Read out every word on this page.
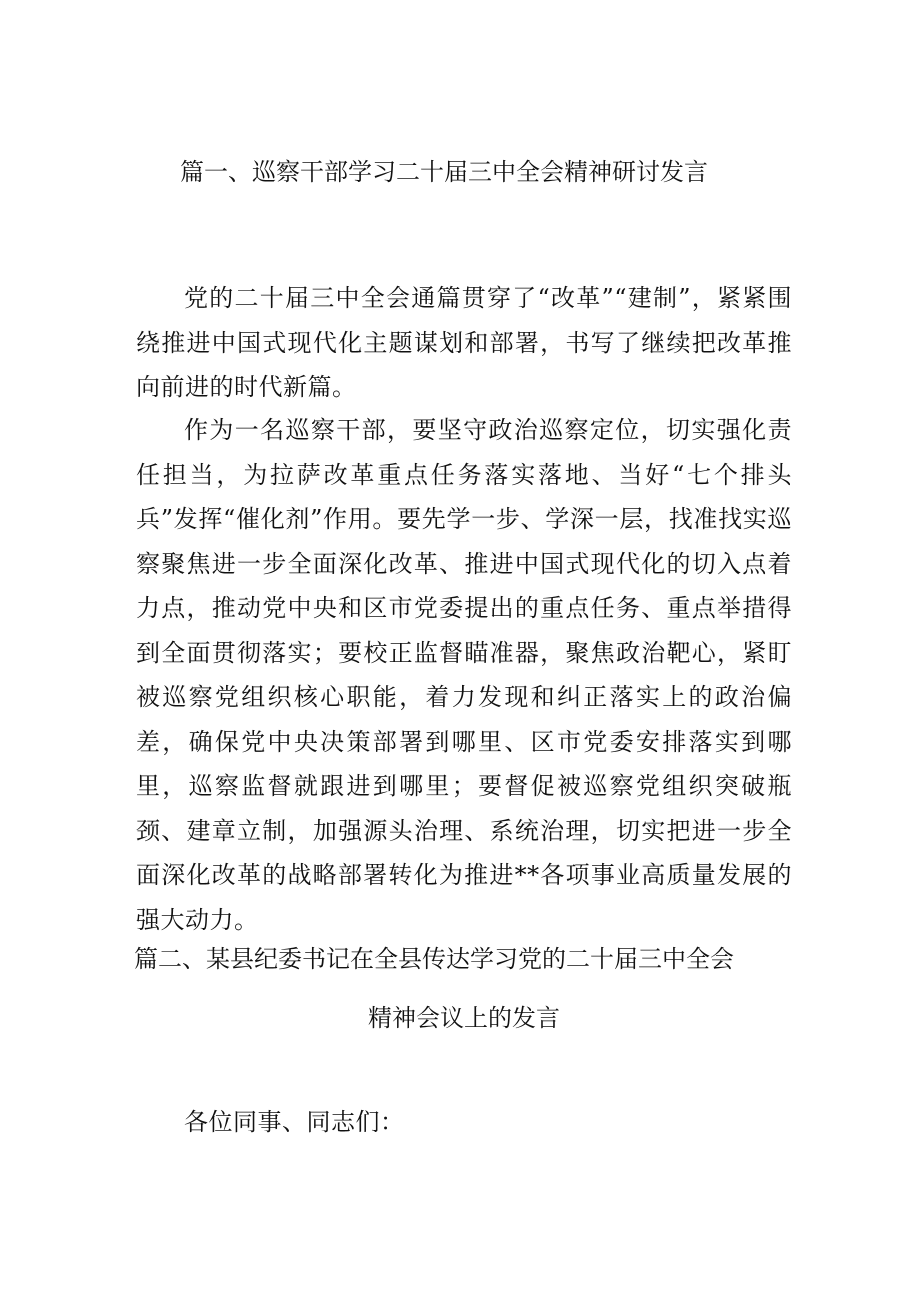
篇一、巡察干部学习二十届三中全会精神研讨发言

党的二十届三中全会通篇贯穿了“改革”“建制”，紧紧围绕推进中国式现代化主题谋划和部署，书写了继续把改革推向前进的时代新篇。

作为一名巡察干部，要坚守政治巡察定位，切实强化责任担当，为拉萨改革重点任务落实落地、当好“七个排头兵”发挥“催化剂”作用。要先学一步、学深一层，找准找实巡察聚焦进一步全面深化改革、推进中国式现代化的切入点着力点，推动党中央和区市党委提出的重点任务、重点举措得到全面贯彻落实；要校正监督瞄准器，聚焦政治靶心，紧盯被巡察党组织核心职能，着力发现和纠正落实上的政治偏差，确保党中央决策部署到哪里、区市党委安排落实到哪里，巡察监督就跟进到哪里；要督促被巡察党组织突破瓶颈、建章立制，加强源头治理、系统治理，切实把进一步全面深化改革的战略部署转化为推进**各项事业高质量发展的强大动力。

篇二、某县纪委书记在全县传达学习党的二十届三中全会
精神会议上的发言

各位同事、同志们：
